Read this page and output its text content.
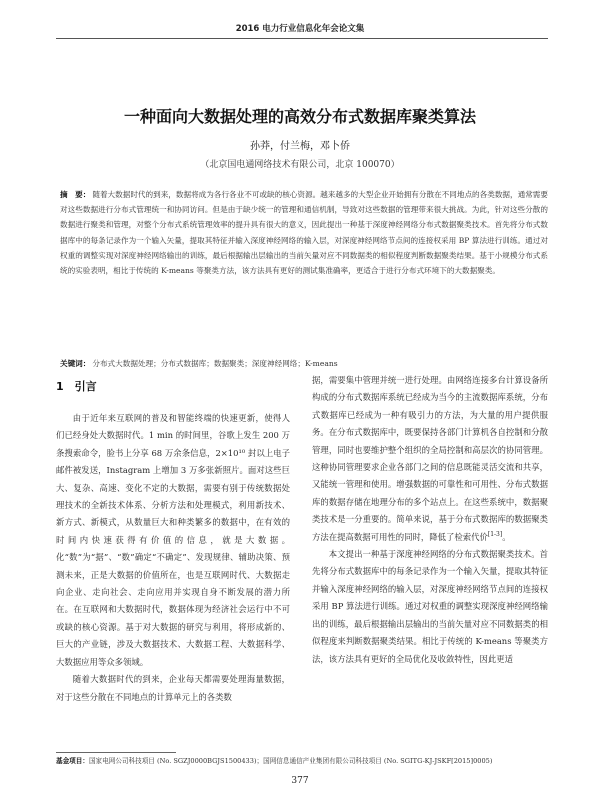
2016 电力行业信息化年会论文集
一种面向大数据处理的高效分布式数据库聚类算法
孙莽，付兰梅，邓卜侨
（北京国电通网络技术有限公司，北京 100070）
摘　要： 随着大数据时代的到来，数据将成为各行各业不可或缺的核心资源。越来越多的大型企业开始拥有分散在不同地点的各类数据，通常需要对这些数据进行分布式管理统一和协同访问。但是由于缺少统一的管理和通信机制，导致对这些数据的管理带来很大挑战。为此，针对这些分散的数据进行聚类和管理，对整个分布式系统管理效率的提升具有很大的意义，因此提出一种基于深度神经网络分布式数据聚类技术。首先将分布式数据库中的每条记录作为一个输入矢量，提取其特征并输入深度神经网络的输入层，对深度神经网络节点间的连接权采用 BP 算法进行训练。通过对权重的调整实现对深度神经网络输出的训练，最后根据输出层输出的当前矢量对应不同数据类的相似程度判断数据聚类结果。基于小规模分布式系统的实验表明，相比于传统的 K-means 等聚类方法，该方法具有更好的测试集准确率，更适合于进行分布式环境下的大数据聚类。
关键词： 分布式大数据处理；分布式数据库；数据聚类；深度神经网络；K-means
1　引言

由于近年来互联网的普及和智能终端的快速更新，使得人们已经身处大数据时代。1 min 的时间里，谷歌上发生 200 万条搜索命令，脸书上分享 68 万余条信息，2×10¹⁰ 封以上电子邮件被发送，Instagram 上增加 3 万多张新照片。面对这些巨大、复杂、高速、变化不定的大数据，需要有别于传统数据处理技术的全新技术体系、分析方法和处理模式，利用新技术、新方式、新模式，从数量巨大和种类繁多的数据中，在有效的时间内快速获得有价值的信息，就是大数据。化“数”为“据”、“数”确定“不确定”、发现规律、辅助决策、预测未来，正是大数据的价值所在，也是互联网时代、大数据走向企业、走向社会、走向应用并实现自身不断发展的潜力所在。在互联网和大数据时代，数据体现为经济社会运行中不可或缺的核心资源。基于对大数据的研究与利用，将形成新的、巨大的产业链，涉及大数据技术、大数据工程、大数据科学、大数据应用等众多领域。

随着大数据时代的到来，企业每天都需要处理海量数据，对于这些分散在不同地点的计算单元上的各类数

据，需要集中管理并统一进行处理。由网络连接多台计算设备所构成的分布式数据库系统已经成为当今的主流数据库系统，分布式数据库已经成为一种有吸引力的方法，为大量的用户提供服务。在分布式数据库中，既要保持各部门计算机各自控制和分散管理，同时也要维护整个组织的全局控制和高层次的协同管理。这种协同管理要求企业各部门之间的信息既能灵活交流和共享，又能统一管理和使用。增强数据的可靠性和可用性、分布式数据库的数据存储在地理分布的多个站点上。在这些系统中，数据聚类技术是一分重要的。简单来说，基于分布式数据库的数据聚类方法在提高数据可用性的同时，降低了检索代价[1-3]。

本文提出一种基于深度神经网络的分布式数据聚类技术。首先将分布式数据库中的每条记录作为一个输入矢量，提取其特征并输入深度神经网络的输入层，对深度神经网络节点间的连接权采用 BP 算法进行训练。通过对权重的调整实现深度神经网络输出的训练，最后根据输出层输出的当前矢量对应不同数据类的相似程度来判断数据聚类结果。相比于传统的 K-means 等聚类方法，该方法具有更好的全局优化及收敛特性，因此更适

基金项目：国家电网公司科技项目 (No. SGZJ0000BGJS1500433)；国网信息通信产业集团有限公司科技项目 (No. SGITG-KJ-JSKF[2015]0005)
377
